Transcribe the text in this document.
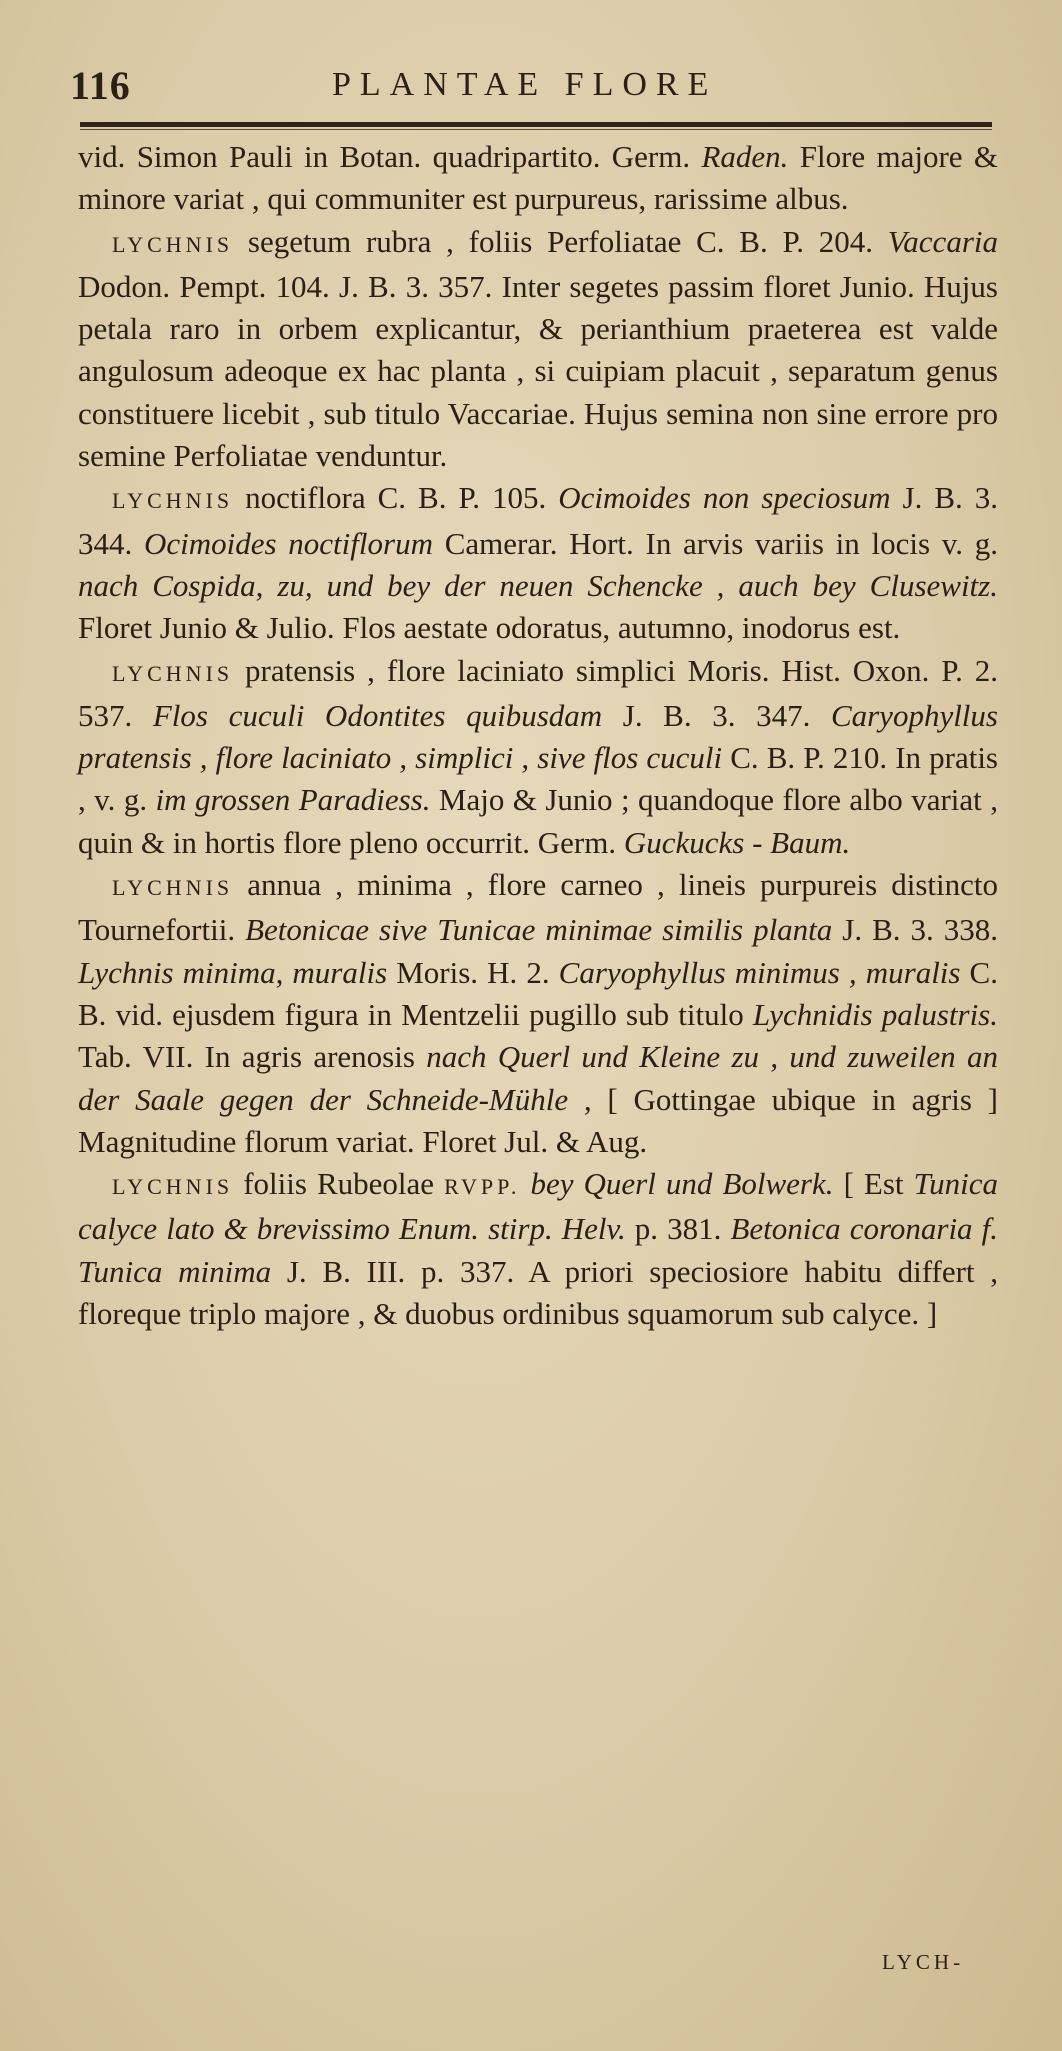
116	PLANTAE FLORE

vid. Simon Pauli in Botan. quadripartito. Germ. Raden. Flore majore & minore variat , qui communiter est purpureus, rarissime albus.

LYCHNIS segetum rubra , foliis Perfoliatae C. B. P. 204. Vaccaria Dodon. Pempt. 104. J. B. 3. 357. Inter segetes passim floret Junio. Hujus petala raro in orbem explicantur, & perianthium praeterea est valde angulosum adeoque ex hac planta , si cuipiam placuit , separatum genus constituere licebit , sub titulo Vaccariae. Hujus semina non sine errore pro semine Perfoliatae venduntur.

LYCHNIS noctiflora C. B. P. 105. Ocimoides non speciosum J. B. 3. 344. Ocimoides noctiflorum Camerar. Hort. In arvis variis in locis v. g. nach Cospida, zu, und bey der neuen Schencke , auch bey Clusewitz. Floret Junio & Julio. Flos aestate odoratus, autumno, inodorus est.

LYCHNIS pratensis , flore laciniato simplici Moris. Hist. Oxon. P. 2. 537. Flos cuculi Odontites quibusdam J. B. 3. 347. Caryophyllus pratensis , flore laciniato , simplici , sive flos cuculi C. B. P. 210. In pratis , v. g. im grossen Paradiess. Majo & Junio ; quandoque flore albo variat , quin & in hortis flore pleno occurrit. Germ. Guckucks - Baum.

LYCHNIS annua , minima , flore carneo , lineis purpureis distincto Tournefortii. Betonicae sive Tunicae minimae similis planta J. B. 3. 338. Lychnis minima, muralis Moris. H. 2. Caryophyllus minimus , muralis C. B. vid. ejusdem figura in Mentzelii pugillo sub titulo Lychnidis palustris. Tab. VII. In agris arenosis nach Querl und Kleine zu , und zuweilen an der Saale gegen der Schneide-Mühle , [ Gottingae ubique in agris ] Magnitudine florum variat. Floret Jul. & Aug.

LYCHNIS foliis Rubeolae RVPP. bey Querl und Bolwerk. [ Est Tunica calyce lato & brevissimo Enum. stirp. Helv. p. 381. Betonica coronaria f. Tunica minima J. B. III. p. 337. A priori speciosiore habitu differt , floreque triplo majore , & duobus ordinibus squamorum sub calyce. ]

LYCH-
